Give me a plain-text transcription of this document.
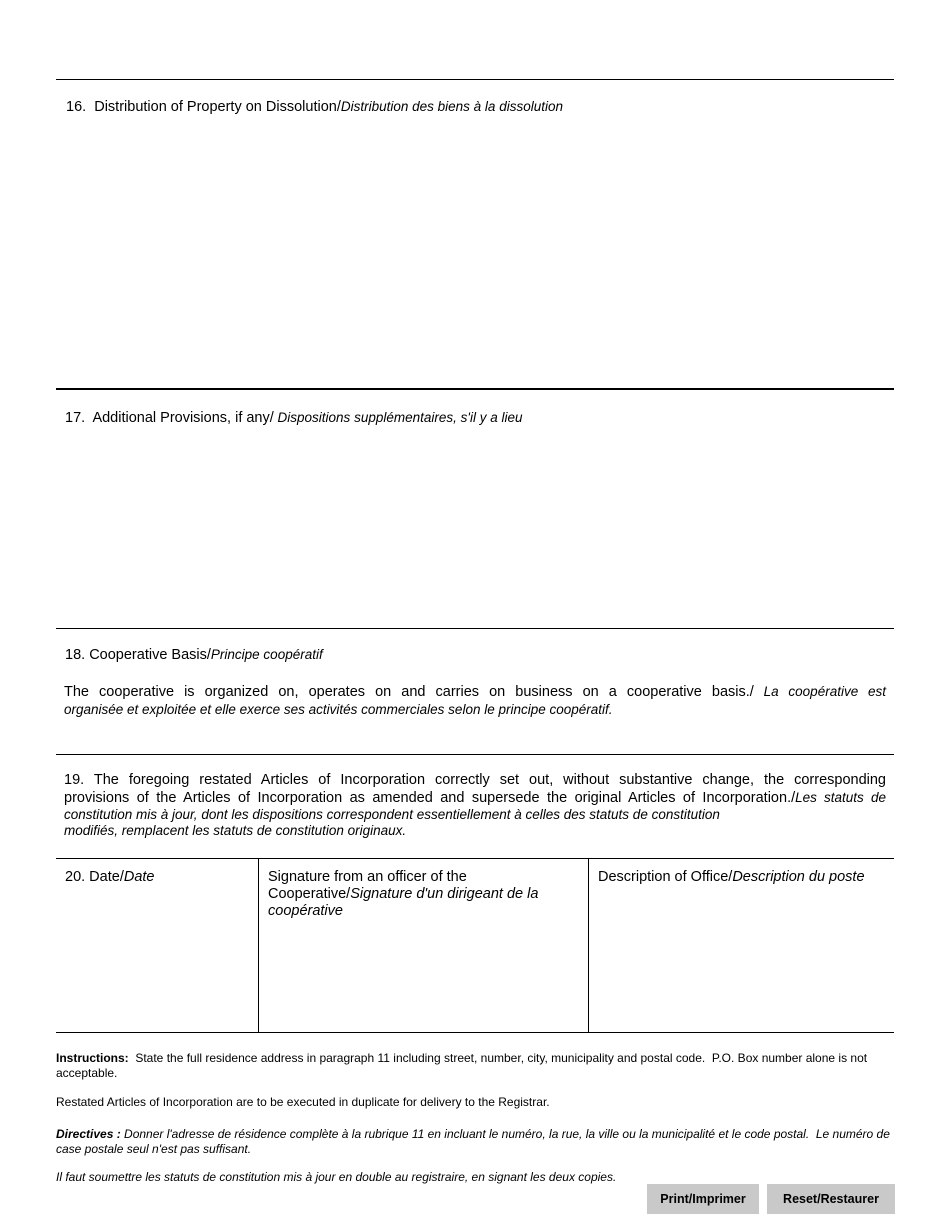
16. Distribution of Property on Dissolution/Distribution des biens à la dissolution
17. Additional Provisions, if any/ Dispositions supplémentaires, s'il y a lieu
18. Cooperative Basis/Principe coopératif
The cooperative is organized on, operates on and carries on business on a cooperative basis./ La coopérative est
organisée et exploitée et elle exerce ses activités commerciales selon le principe coopératif.
19. The foregoing restated Articles of Incorporation correctly set out, without substantive change, the corresponding
provisions of the Articles of Incorporation as amended and supersede the original Articles of Incorporation./Les statuts de
constitution mis à jour, dont les dispositions correspondent essentiellement à celles des statuts de constitution
modifiés, remplacent les statuts de constitution originaux.
20. Date/Date	Signature from an officer of the
Cooperative/Signature d'un dirigeant de la
coopérative
Description of Office/Description du poste
Instructions:  State the full residence address in paragraph 11 including street, number, city, municipality and postal code.  P.O. Box number alone is not acceptable.
Restated Articles of Incorporation are to be executed in duplicate for delivery to the Registrar.
Directives : Donner l'adresse de résidence complète à la rubrique 11 en incluant le numéro, la rue, la ville ou la municipalité et le code postal.  Le numéro de case postale seul n'est pas suffisant.
Il faut soumettre les statuts de constitution mis à jour en double au registraire, en signant les deux copies.
Print/Imprimer	Reset/Restaurer
